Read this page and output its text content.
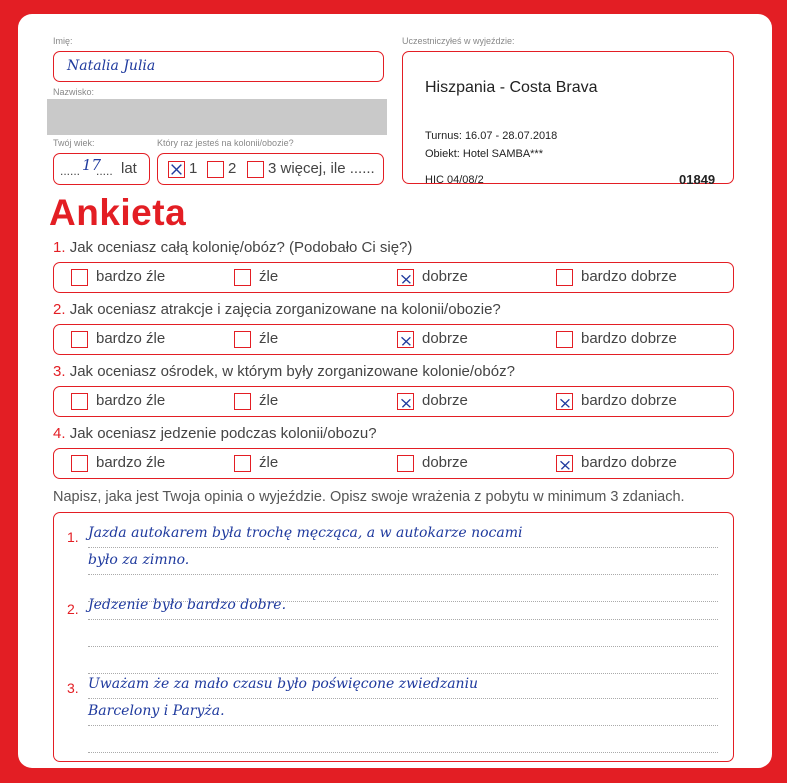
Imię:
Natalia Julia
Nazwisko:
Twój wiek:
...... 17
..... lat
Który raz jesteś na kolonii/obozie?
1 2 3 więcej, ile ......
Uczestniczyłeś w wyjeździe:
Hiszpania - Costa Brava
Turnus: 16.07 - 28.07.2018
Obiekt: Hotel SAMBA***
HIC 04/08/2	01849
Ankieta
1. Jak oceniasz całą kolonię/obóz? (Podobało Ci się?)
bardzo źle	źle	dobrze	bardzo dobrze
2. Jak oceniasz atrakcje i zajęcia zorganizowane na kolonii/obozie?
bardzo źle	źle	dobrze	bardzo dobrze
3. Jak oceniasz ośrodek, w którym były zorganizowane kolonie/obóz?
bardzo źle	źle	dobrze	bardzo dobrze
4. Jak oceniasz jedzenie podczas kolonii/obozu?
bardzo źle	źle	dobrze	bardzo dobrze
Napisz, jaka jest Twoja opinia o wyjeździe. Opisz swoje wrażenia z pobytu w minimum 3 zdaniach.
1. Jazda autokarem była trochę męcząca, a w autokarze nocami
było za zimno.
2. Jedzenie było bardzo dobre.
3. Uważam że za mało czasu było poświęcone zwiedzaniu
Barcelony i Paryża.
